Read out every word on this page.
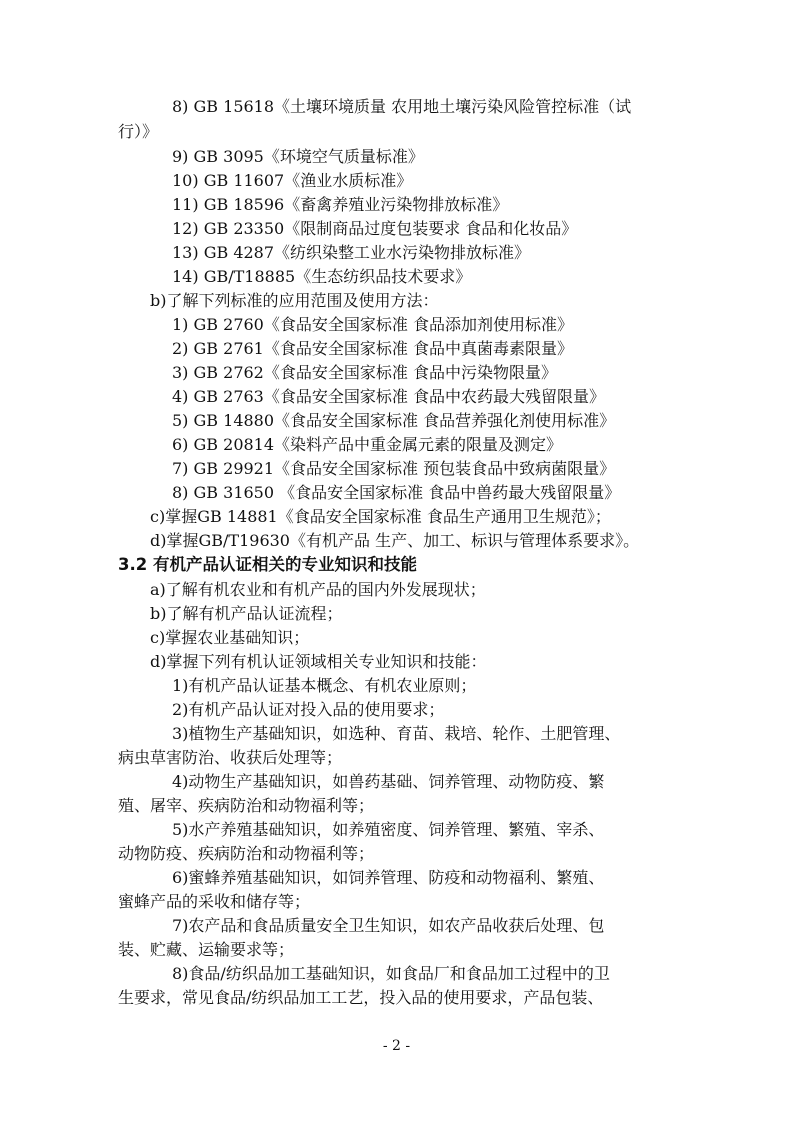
8) GB 15618《土壤环境质量 农用地土壤污染风险管控标准（试
行）》
9) GB 3095《环境空气质量标准》
10) GB 11607《渔业水质标准》
11) GB 18596《畜禽养殖业污染物排放标准》
12) GB 23350《限制商品过度包装要求 食品和化妆品》
13) GB 4287《纺织染整工业水污染物排放标准》
14) GB/T18885《生态纺织品技术要求》
b)了解下列标准的应用范围及使用方法：
1) GB 2760《食品安全国家标准 食品添加剂使用标准》
2) GB 2761《食品安全国家标准 食品中真菌毒素限量》
3) GB 2762《食品安全国家标准 食品中污染物限量》
4) GB 2763《食品安全国家标准 食品中农药最大残留限量》
5) GB 14880《食品安全国家标准 食品营养强化剂使用标准》
6) GB 20814《染料产品中重金属元素的限量及测定》
7) GB 29921《食品安全国家标准 预包装食品中致病菌限量》
8) GB 31650 《食品安全国家标准 食品中兽药最大残留限量》
c)掌握GB 14881《食品安全国家标准 食品生产通用卫生规范》；
d)掌握GB/T19630《有机产品 生产、加工、标识与管理体系要求》。
3.2 有机产品认证相关的专业知识和技能
a)了解有机农业和有机产品的国内外发展现状；
b)了解有机产品认证流程；
c)掌握农业基础知识；
d)掌握下列有机认证领域相关专业知识和技能：
1)有机产品认证基本概念、有机农业原则；
2)有机产品认证对投入品的使用要求；
3)植物生产基础知识，如选种、育苗、栽培、轮作、土肥管理、
病虫草害防治、收获后处理等；
4)动物生产基础知识，如兽药基础、饲养管理、动物防疫、繁
殖、屠宰、疾病防治和动物福利等；
5)水产养殖基础知识，如养殖密度、饲养管理、繁殖、宰杀、
动物防疫、疾病防治和动物福利等；
6)蜜蜂养殖基础知识，如饲养管理、防疫和动物福利、繁殖、
蜜蜂产品的采收和储存等；
7)农产品和食品质量安全卫生知识，如农产品收获后处理、包
装、贮藏、运输要求等；
8)食品/纺织品加工基础知识，如食品厂和食品加工过程中的卫
生要求，常见食品/纺织品加工工艺，投入品的使用要求，产品包装、
- 2 -
